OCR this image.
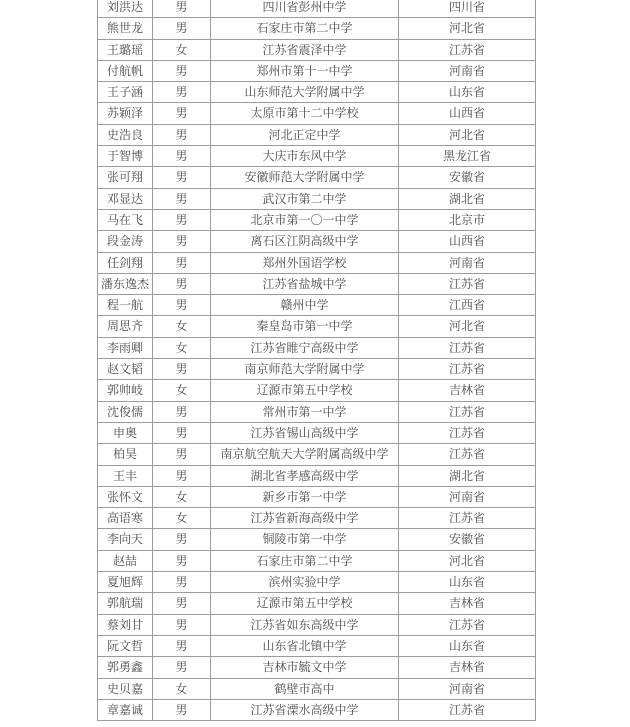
刘洪达	男	四川省彭州中学	四川省
熊世龙	男	石家庄市第二中学	河北省
王璐瑶	女	江苏省震泽中学	江苏省
付航帆	男	郑州市第十一中学	河南省
王子涵	男	山东师范大学附属中学	山东省
苏颖泽	男	太原市第十二中学校	山西省
史浩良	男	河北正定中学	河北省
于智博	男	大庆市东风中学	黑龙江省
张可翔	男	安徽师范大学附属中学	安徽省
邓显达	男	武汉市第二中学	湖北省
马在飞	男	北京市第一〇一中学	北京市
段金涛	男	离石区江阴高级中学	山西省
任剑翔	男	郑州外国语学校	河南省
潘东逸杰	男	江苏省盐城中学	江苏省
程一航	男	赣州中学	江西省
周思齐	女	秦皇岛市第一中学	河北省
李雨卿	女	江苏省睢宁高级中学	江苏省
赵文韬	男	南京师范大学附属中学	江苏省
郭帅岐	女	辽源市第五中学校	吉林省
沈俊儒	男	常州市第一中学	江苏省
申奥	男	江苏省锡山高级中学	江苏省
柏昊	男	南京航空航天大学附属高级中学	江苏省
王丰	男	湖北省孝感高级中学	湖北省
张怀文	女	新乡市第一中学	河南省
高语寒	女	江苏省新海高级中学	江苏省
李向天	男	铜陵市第一中学	安徽省
赵喆	男	石家庄市第二中学	河北省
夏旭辉	男	滨州实验中学	山东省
郭航瑞	男	辽源市第五中学校	吉林省
蔡刘甘	男	江苏省如东高级中学	江苏省
阮文哲	男	山东省北镇中学	山东省
郭勇鑫	男	吉林市毓文中学	吉林省
史贝嘉	女	鹤壁市高中	河南省
章嘉诚	男	江苏省溧水高级中学	江苏省
